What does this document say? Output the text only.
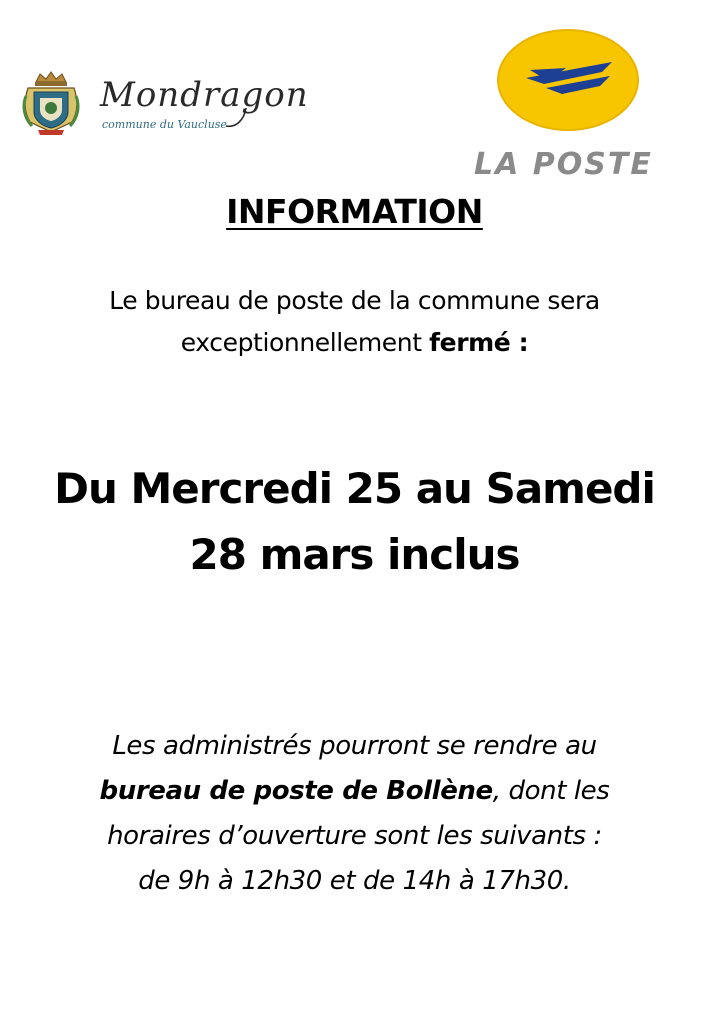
Mondragon
commune du Vaucluse
LA POSTE
INFORMATION
Le bureau de poste de la commune sera
exceptionnellement fermé :
Du Mercredi 25 au Samedi
28 mars inclus
Les administrés pourront se rendre au
bureau de poste de Bollène, dont les
horaires d’ouverture sont les suivants :
de 9h à 12h30 et de 14h à 17h30.
